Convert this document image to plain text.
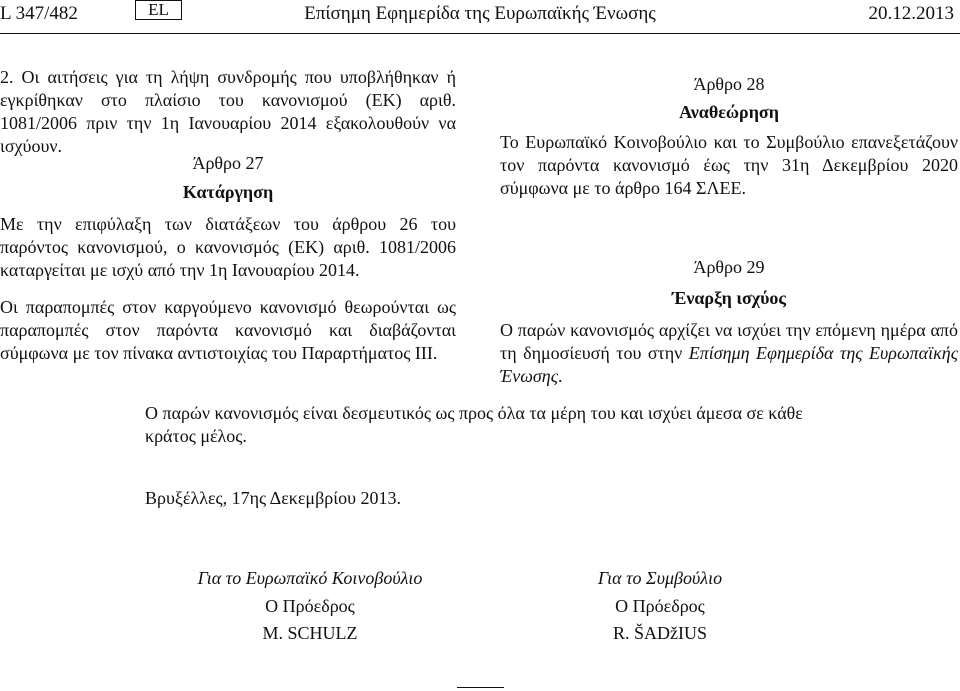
L 347/482	EL	Επίσημη Εφημερίδα της Ευρωπαϊκής Ένωσης	20.12.2013
2. Οι αιτήσεις για τη λήψη συνδρομής που υποβλήθηκαν ή εγκρίθηκαν στο πλαίσιο του κανονισμού (ΕΚ) αριθ. 1081/2006 πριν την 1η Ιανουαρίου 2014 εξακολουθούν να ισχύουν.
Άρθρο 27
Κατάργηση
Με την επιφύλαξη των διατάξεων του άρθρου 26 του παρόντος κανονισμού, ο κανονισμός (ΕΚ) αριθ. 1081/2006 καταργείται με ισχύ από την 1η Ιανουαρίου 2014.
Οι παραπομπές στον καργούμενο κανονισμό θεωρούνται ως παραπομπές στον παρόντα κανονισμό και διαβάζονται σύμφωνα με τον πίνακα αντιστοιχίας του Παραρτήματος III.
Άρθρο 28
Αναθεώρηση
Το Ευρωπαϊκό Κοινοβούλιο και το Συμβούλιο επανεξετάζουν τον παρόντα κανονισμό έως την 31η Δεκεμβρίου 2020 σύμφωνα με το άρθρο 164 ΣΛΕΕ.
Άρθρο 29
Έναρξη ισχύος
Ο παρών κανονισμός αρχίζει να ισχύει την επόμενη ημέρα από τη δημοσίευσή του στην Επίσημη Εφημερίδα της Ευρωπαϊκής Ένωσης.
Ο παρών κανονισμός είναι δεσμευτικός ως προς όλα τα μέρη του και ισχύει άμεσα σε κάθε κράτος μέλος.
Βρυξέλλες, 17ης Δεκεμβρίου 2013.
Για το Ευρωπαϊκό Κοινοβούλιο
Ο Πρόεδρος
M. SCHULZ
Για το Συμβούλιο
Ο Πρόεδρος
R. ŠADžIUS
